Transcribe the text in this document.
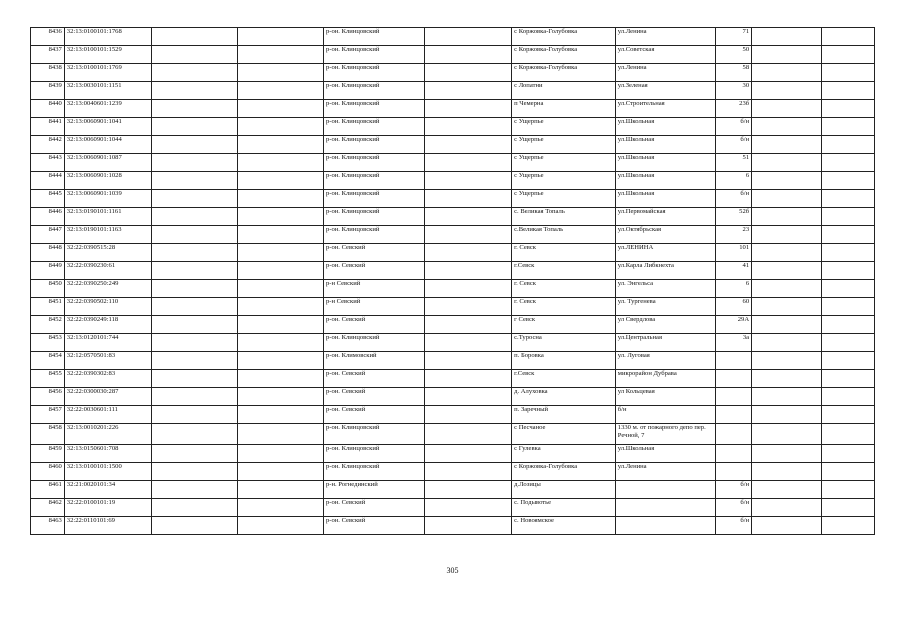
8436	32:13:0100101:1768			р-он. Клинцовский		с Коржовка-Голубовка	ул.Ленина	71		
8437	32:13:0100101:1529			р-он. Клинцовский		с Коржовка-Голубовка	ул.Советская	50		
8438	32:13:0100101:1769			р-он. Клинцовский		с Коржовка-Голубовка	ул.Ленина	58		
8439	32:13:0030101:1151			р-он. Клинцовский		с Лопатни	ул.Зеленая	30		
8440	32:13:0040601:1239			р-он. Клинцовский		п Чемерна	ул.Строительная	23б		
8441	32:13:0060901:1041			р-он. Клинцовский		с Ущерпье	ул.Школьная	б/н		
8442	32:13:0060901:1044			р-он. Клинцовский		с Ущерпье	ул.Школьная	б/н		
8443	32:13:0060901:1087			р-он. Клинцовский		с Ущерпье	ул.Школьная	51		
8444	32:13:0060901:1028			р-он. Клинцовский		с Ущерпье	ул.Школьная	6		
8445	32:13:0060901:1039			р-он. Клинцовский		с Ущерпье	ул.Школьная	б/н		
8446	32:13:0190101:1161			р-он. Клинцовский		с. Великая Топаль	ул.Первомайская	52б		
8447	32:13:0190101:1163			р-он. Клинцовский		с.Великая Топаль	ул.Октябрьская	23		
8448	32:22:0390515:28			р-он. Севский		г. Севск	ул.ЛЕНИНА	101		
8449	32:22:0390230:61			р-он. Севский		г.Севск	ул.Карла Либкнехта	41		
8450	32:22:0390250:249			р-н Севский		г. Севск	ул. Энгельса	6		
8451	32:22:0390502:110			р-н Севский		г. Севск	ул. Тургенева	60		
8452	32:22:0390249:118			р-он. Севский		г Севск	ул Свердлова	29А		
8453	32:13:0120101:744			р-он. Клинцовский		с.Туросна	ул.Центральная	3а		
8454	32:12:0570501:83			р-он. Климовский		п. Боровка	ул. Луговая			
8455	32:22:0390302:83			р-он. Севский		г.Севск	микрорайон Дубрава			
8456	32:22:0300030:287			р-он. Севский		д. Алуховка	ул Кольцевая			
8457	32:22:0030601:111			р-он. Севский		п. Заречный	б/н			
8458	32:13:0010201:226			р-он. Клинцовский		с Песчаное	1330 м. от пожарного депо пер. Речной, 7			
8459	32:13:0150601:708			р-он. Клинцовский		с Гулевка	ул.Школьная			
8460	32:13:0100101:1500			р-он. Клинцовский		с Коржовка-Голубовка	ул.Ленина			
8461	32:21:0020101:34			р-н. Рогнединский		д.Лозицы		б/н		
8462	32:22:0100101:19			р-он. Севский		с. Подывотье		б/н		
8463	32:22:0110101:69			р-он. Севский		с. Новоямское		б/н		
305
